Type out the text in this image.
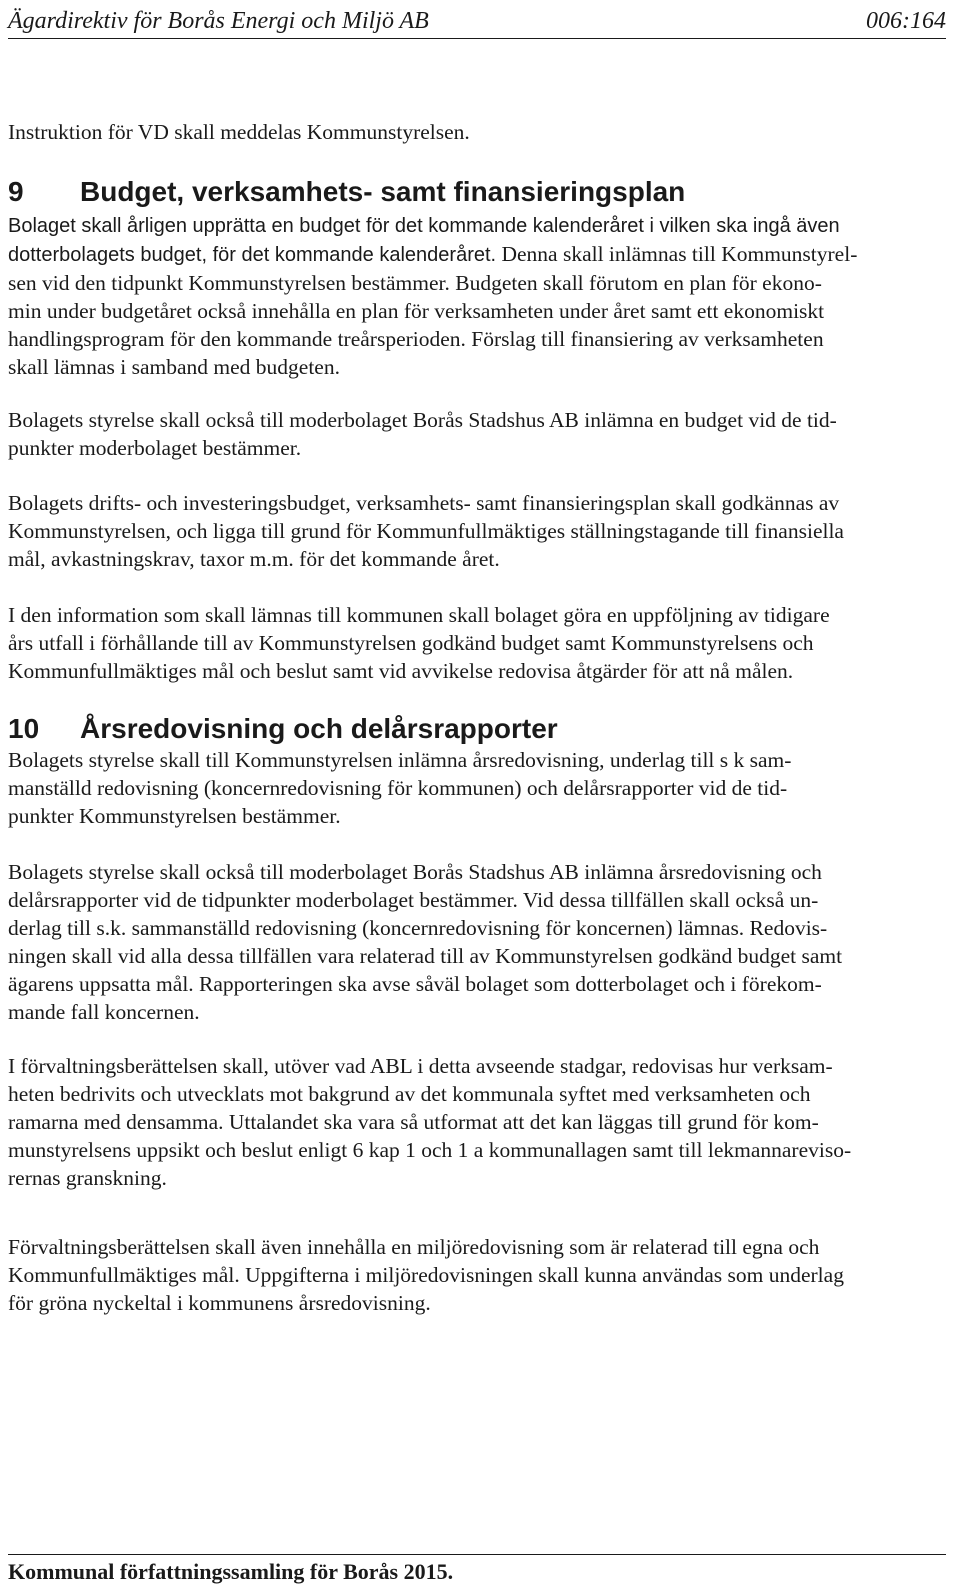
Ägardirektiv för Borås Energi och Miljö AB	006:164

Instruktion för VD skall meddelas Kommunstyrelsen.

9 Budget, verksamhets- samt finansieringsplan

Bolaget skall årligen upprätta en budget för det kommande kalenderåret i vilken ska ingå även
dotterbolagets budget, för det kommande kalenderåret. Denna skall inlämnas till Kommunstyrel-
sen vid den tidpunkt Kommunstyrelsen bestämmer. Budgeten skall förutom en plan för ekono-
min under budgetåret också innehålla en plan för verksamheten under året samt ett ekonomiskt
handlingsprogram för den kommande treårsperioden. Förslag till finansiering av verksamheten
skall lämnas i samband med budgeten.

Bolagets styrelse skall också till moderbolaget Borås Stadshus AB inlämna en budget vid de tid-
punkter moderbolaget bestämmer.

Bolagets drifts- och investeringsbudget, verksamhets- samt finansieringsplan skall godkännas av
Kommunstyrelsen, och ligga till grund för Kommunfullmäktiges ställningstagande till finansiella
mål, avkastningskrav, taxor m.m. för det kommande året.

I den information som skall lämnas till kommunen skall bolaget göra en uppföljning av tidigare
års utfall i förhållande till av Kommunstyrelsen godkänd budget samt Kommunstyrelsens och
Kommunfullmäktiges mål och beslut samt vid avvikelse redovisa åtgärder för att nå målen.

10 Årsredovisning och delårsrapporter

Bolagets styrelse skall till Kommunstyrelsen inlämna årsredovisning, underlag till s k sam-
manställd redovisning (koncernredovisning för kommunen) och delårsrapporter vid de tid-
punkter Kommunstyrelsen bestämmer.

Bolagets styrelse skall också till moderbolaget Borås Stadshus AB inlämna årsredovisning och
delårsrapporter vid de tidpunkter moderbolaget bestämmer. Vid dessa tillfällen skall också un-
derlag till s.k. sammanställd redovisning (koncernredovisning för koncernen) lämnas. Redovis-
ningen skall vid alla dessa tillfällen vara relaterad till av Kommunstyrelsen godkänd budget samt
ägarens uppsatta mål. Rapporteringen ska avse såväl bolaget som dotterbolaget och i förekom-
mande fall koncernen.

I förvaltningsberättelsen skall, utöver vad ABL i detta avseende stadgar, redovisas hur verksam-
heten bedrivits och utvecklats mot bakgrund av det kommunala syftet med verksamheten och
ramarna med densamma. Uttalandet ska vara så utformat att det kan läggas till grund för kom-
munstyrelsens uppsikt och beslut enligt 6 kap 1 och 1 a kommunallagen samt till lekmannareviso-
rernas granskning.

Förvaltningsberättelsen skall även innehålla en miljöredovisning som är relaterad till egna och
Kommunfullmäktiges mål. Uppgifterna i miljöredovisningen skall kunna användas som underlag
för gröna nyckeltal i kommunens årsredovisning.

Kommunal författningssamling för Borås 2015.
